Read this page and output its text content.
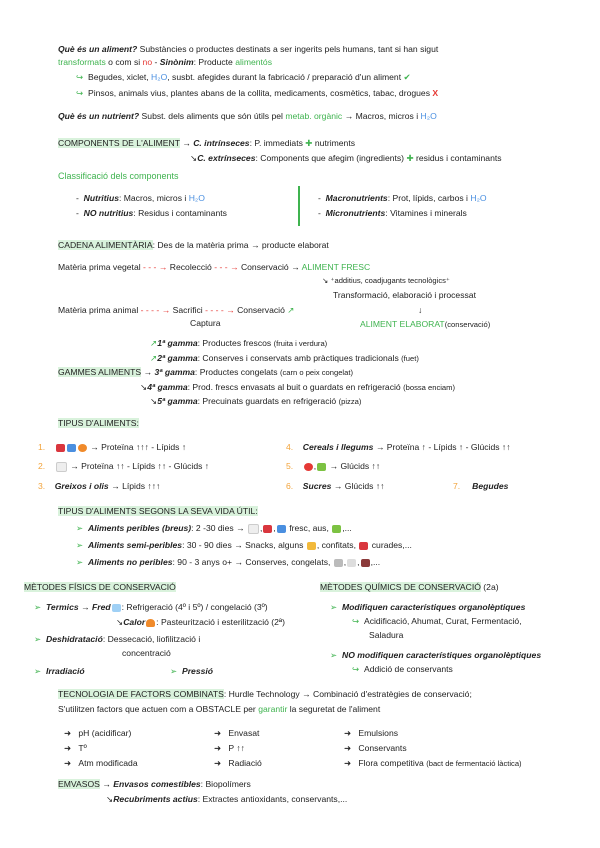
Què és un aliment? Substàncies o productes destinats a ser ingerits pels humans, tant si han sigut
transformats o com si no - Sinònim: Producte alimentós
↪ Begudes, xiclet, H₂O, susbt. afegides durant la fabricació / preparació d'un aliment ✔
↪ Pinsos, animals vius, plantes abans de la collita, medicaments, cosmètics, tabac, drogues X
Què és un nutrient? Subst. dels aliments que són útils pel metab. orgànic → Macros, micros i H₂O
COMPONENTS DE L'ALIMENT → C. intrínseces: P. immediats ✚ nutriments
↘C. extrínseces: Components que afegim (ingredients) ✚ residus i contaminants
Classificació dels components
-  Nutritius: Macros, micros i H₂O
-  NO nutritius: Residus i contaminants
-  Macronutrients: Prot, lípids, carbos i H₂O
-  Micronutrients: Vitamines i minerals
CADENA ALIMENTÀRIA: Des de la matèria prima → producte elaborat
Matèria prima vegetal - - - → Recolecció - - - → Conservació → ALIMENT FRESC
↘ ⁺additius, coadjugants tecnològics⁺
Transformació, elaboració i processat
Matèria prima animal - - - - → Sacrifici - - - - → Conservació ↗	↓
Captura	ALIMENT ELABORAT(conservació)
↗1ª gamma: Productes frescos (fruita i verdura)
↗2ª gamma: Conserves i conservats amb pràctiques tradicionals (fuet)
GAMMES ALIMENTS → 3ª gamma: Productes congelats (carn o peix congelat)
↘4ª gamma: Prod. frescs envasats al buit o guardats en refrigeració (bossa enciam)
↘5ª gamma: Precuinats guardats en refrigeració (pizza)
TIPUS D'ALIMENTS:
1.	→ Proteïna ↑↑↑ - Lípids ↑
2.	→ Proteïna ↑↑ - Lípids ↑↑ - Glúcids ↑
3. Greixos i olis → Lípids ↑↑↑
4. Cereals i llegums → Proteïna ↑ - Lípids ↑ - Glúcids ↑↑
5. , → Glúcids ↑↑
6. Sucres → Glúcids ↑↑	7. Begudes
TIPUS D'ALIMENTS SEGONS LA SEVA VIDA ÚTIL:
➢ Aliments peribles (breus): 2 -30 dies → , , fresc, aus, ,...
➢ Aliments semi-peribles: 30 - 90 dies → Snacks, alguns , confitats,  curades,...
➢ Aliments no peribles: 90 - 3 anys o+ → Conserves, congelats, , , ,...
MÈTODES FÍSICS DE CONSERVACIÓ
➢ Termics → Fred : Refrigeració (4º i 5º) / congelació (3º)
↘Calor : Pasteurització i esterilització (2ª)
➢ Deshidratació: Dessecació, liofilització i
concentració
➢ Irradiació	➢ Pressió
MÈTODES QUÍMICS DE CONSERVACIÓ (2a)
➢ Modifiquen característiques organolèptiques
↪ Acidificació, Ahumat, Curat, Fermentació,
Saladura
➢ NO modifiquen característiques organolèptiques
↪ Addició de conservants
TECNOLOGIA DE FACTORS COMBINATS: Hurdle Technology → Combinació d'estratègies de conservació;
S'utilitzen factors que actuen com a OBSTACLE per garantir la seguretat de l'aliment
➜   pH (acidificar)
➜   Tº
➜   Atm modificada
➜   Envasat
➜   P ↑↑
➜   Radiació
➜   Emulsions
➜   Conservants
➜   Flora competitiva (bact de fermentació làctica)
EMVASOS → Envasos comestibles: Biopolímers
↘Recubriments actius: Extractes antioxidants, conservants,...
